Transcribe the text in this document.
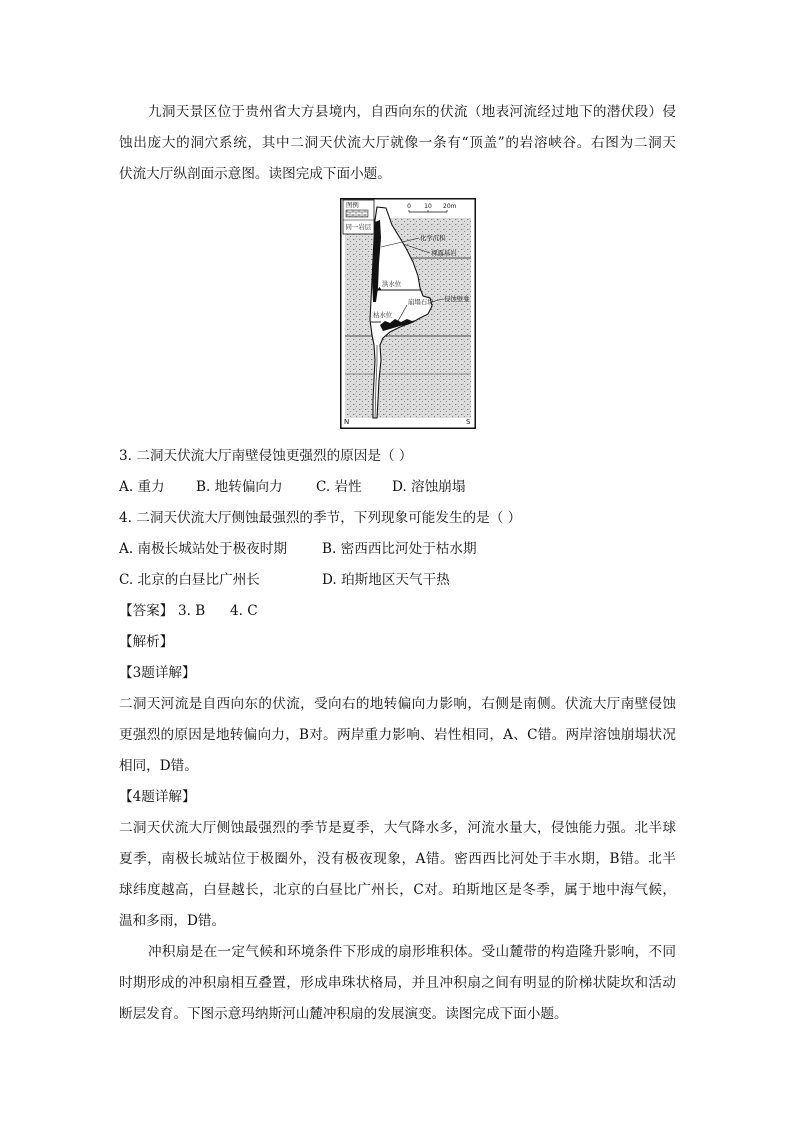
九洞天景区位于贵州省大方县境内，自西向东的伏流（地表河流经过地下的潜伏段）侵
蚀出庞大的洞穴系统，其中二洞天伏流大厅就像一条有“顶盖”的岩溶峡谷。右图为二洞天
伏流大厅纵剖面示意图。读图完成下面小题。
图例
同一岩层
0 10 20m
化学沉积
裸露基岩
洪水位
崩塌石块 侵蚀壁龛
枯水位
N	S
3. 二洞天伏流大厅南壁侵蚀更强烈的原因是（ ）
A. 重力 B. 地转偏向力 C. 岩性 D. 溶蚀崩塌
4. 二洞天伏流大厅侧蚀最强烈的季节，下列现象可能发生的是（ ）
A. 南极长城站处于极夜时期	B. 密西西比河处于枯水期
C. 北京的白昼比广州长	D. 珀斯地区天气干热
【答案】 3. B 4. C
【解析】
【3题详解】
二洞天河流是自西向东的伏流，受向右的地转偏向力影响，右侧是南侧。伏流大厅南壁侵蚀
更强烈的原因是地转偏向力，B对。两岸重力影响、岩性相同，A、C错。两岸溶蚀崩塌状况
相同，D错。
【4题详解】
二洞天伏流大厅侧蚀最强烈的季节是夏季，大气降水多，河流水量大，侵蚀能力强。北半球
夏季，南极长城站位于极圈外，没有极夜现象，A错。密西西比河处于丰水期，B错。北半
球纬度越高，白昼越长，北京的白昼比广州长，C对。珀斯地区是冬季，属于地中海气候，
温和多雨，D错。
冲积扇是在一定气候和环境条件下形成的扇形堆积体。受山麓带的构造隆升影响，不同
时期形成的冲积扇相互叠置，形成串珠状格局，并且冲积扇之间有明显的阶梯状陡坎和活动
断层发育。下图示意玛纳斯河山麓冲积扇的发展演变。读图完成下面小题。
